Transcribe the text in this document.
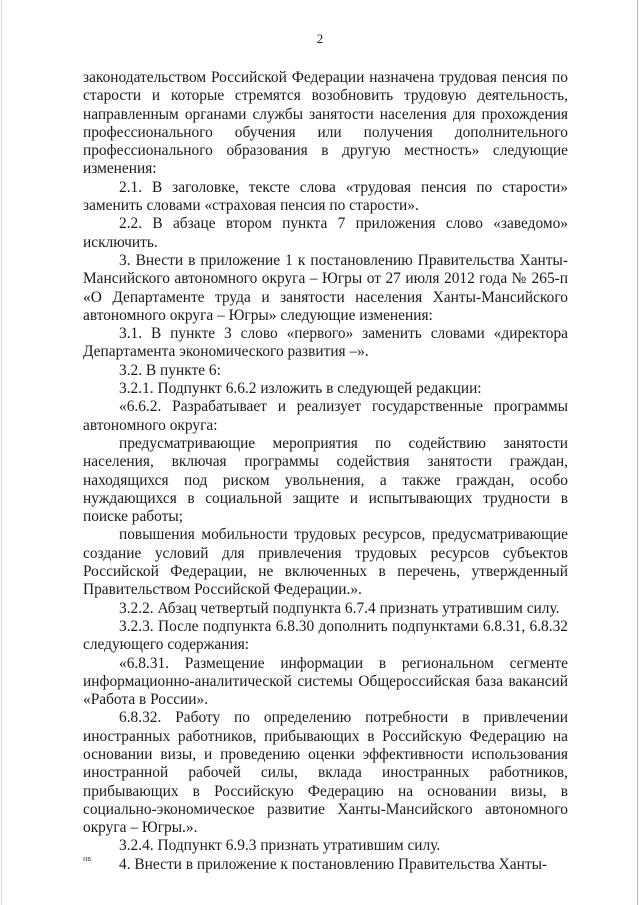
2

законодательством Российской Федерации назначена трудовая пенсия по старости и которые стремятся возобновить трудовую деятельность, направленным органами службы занятости населения для прохождения профессионального обучения или получения дополнительного профессионального образования в другую местность» следующие изменения:

2.1. В заголовке, тексте слова «трудовая пенсия по старости» заменить словами «страховая пенсия по старости».

2.2. В абзаце втором пункта 7 приложения слово «заведомо» исключить.

3. Внести в приложение 1 к постановлению Правительства Ханты-Мансийского автономного округа – Югры от 27 июля 2012 года № 265-п «О Департаменте труда и занятости населения Ханты-Мансийского автономного округа – Югры» следующие изменения:

3.1. В пункте 3 слово «первого» заменить словами «директора Департамента экономического развития –».

3.2. В пункте 6:

3.2.1. Подпункт 6.6.2 изложить в следующей редакции:

«6.6.2. Разрабатывает и реализует государственные программы автономного округа:

предусматривающие мероприятия по содействию занятости населения, включая программы содействия занятости граждан, находящихся под риском увольнения, а также граждан, особо нуждающихся в социальной защите и испытывающих трудности в поиске работы;

повышения мобильности трудовых ресурсов, предусматривающие создание условий для привлечения трудовых ресурсов субъектов Российской Федерации, не включенных в перечень, утвержденный Правительством Российской Федерации.».

3.2.2. Абзац четвертый подпункта 6.7.4 признать утратившим силу.

3.2.3. После подпункта 6.8.30 дополнить подпунктами 6.8.31, 6.8.32 следующего содержания:

«6.8.31. Размещение информации в региональном сегменте информационно-аналитической системы Общероссийская база вакансий «Работа в России».

6.8.32. Работу по определению потребности в привлечении иностранных работников, прибывающих в Российскую Федерацию на основании визы, и проведению оценки эффективности использования иностранной рабочей силы, вклада иностранных работников, прибывающих в Российскую Федерацию на основании визы, в социально-экономическое развитие Ханты-Мансийского автономного округа – Югры.».

3.2.4. Подпункт 6.9.3 признать утратившим силу.

4. Внести в приложение к постановлению Правительства Ханты-

нв
